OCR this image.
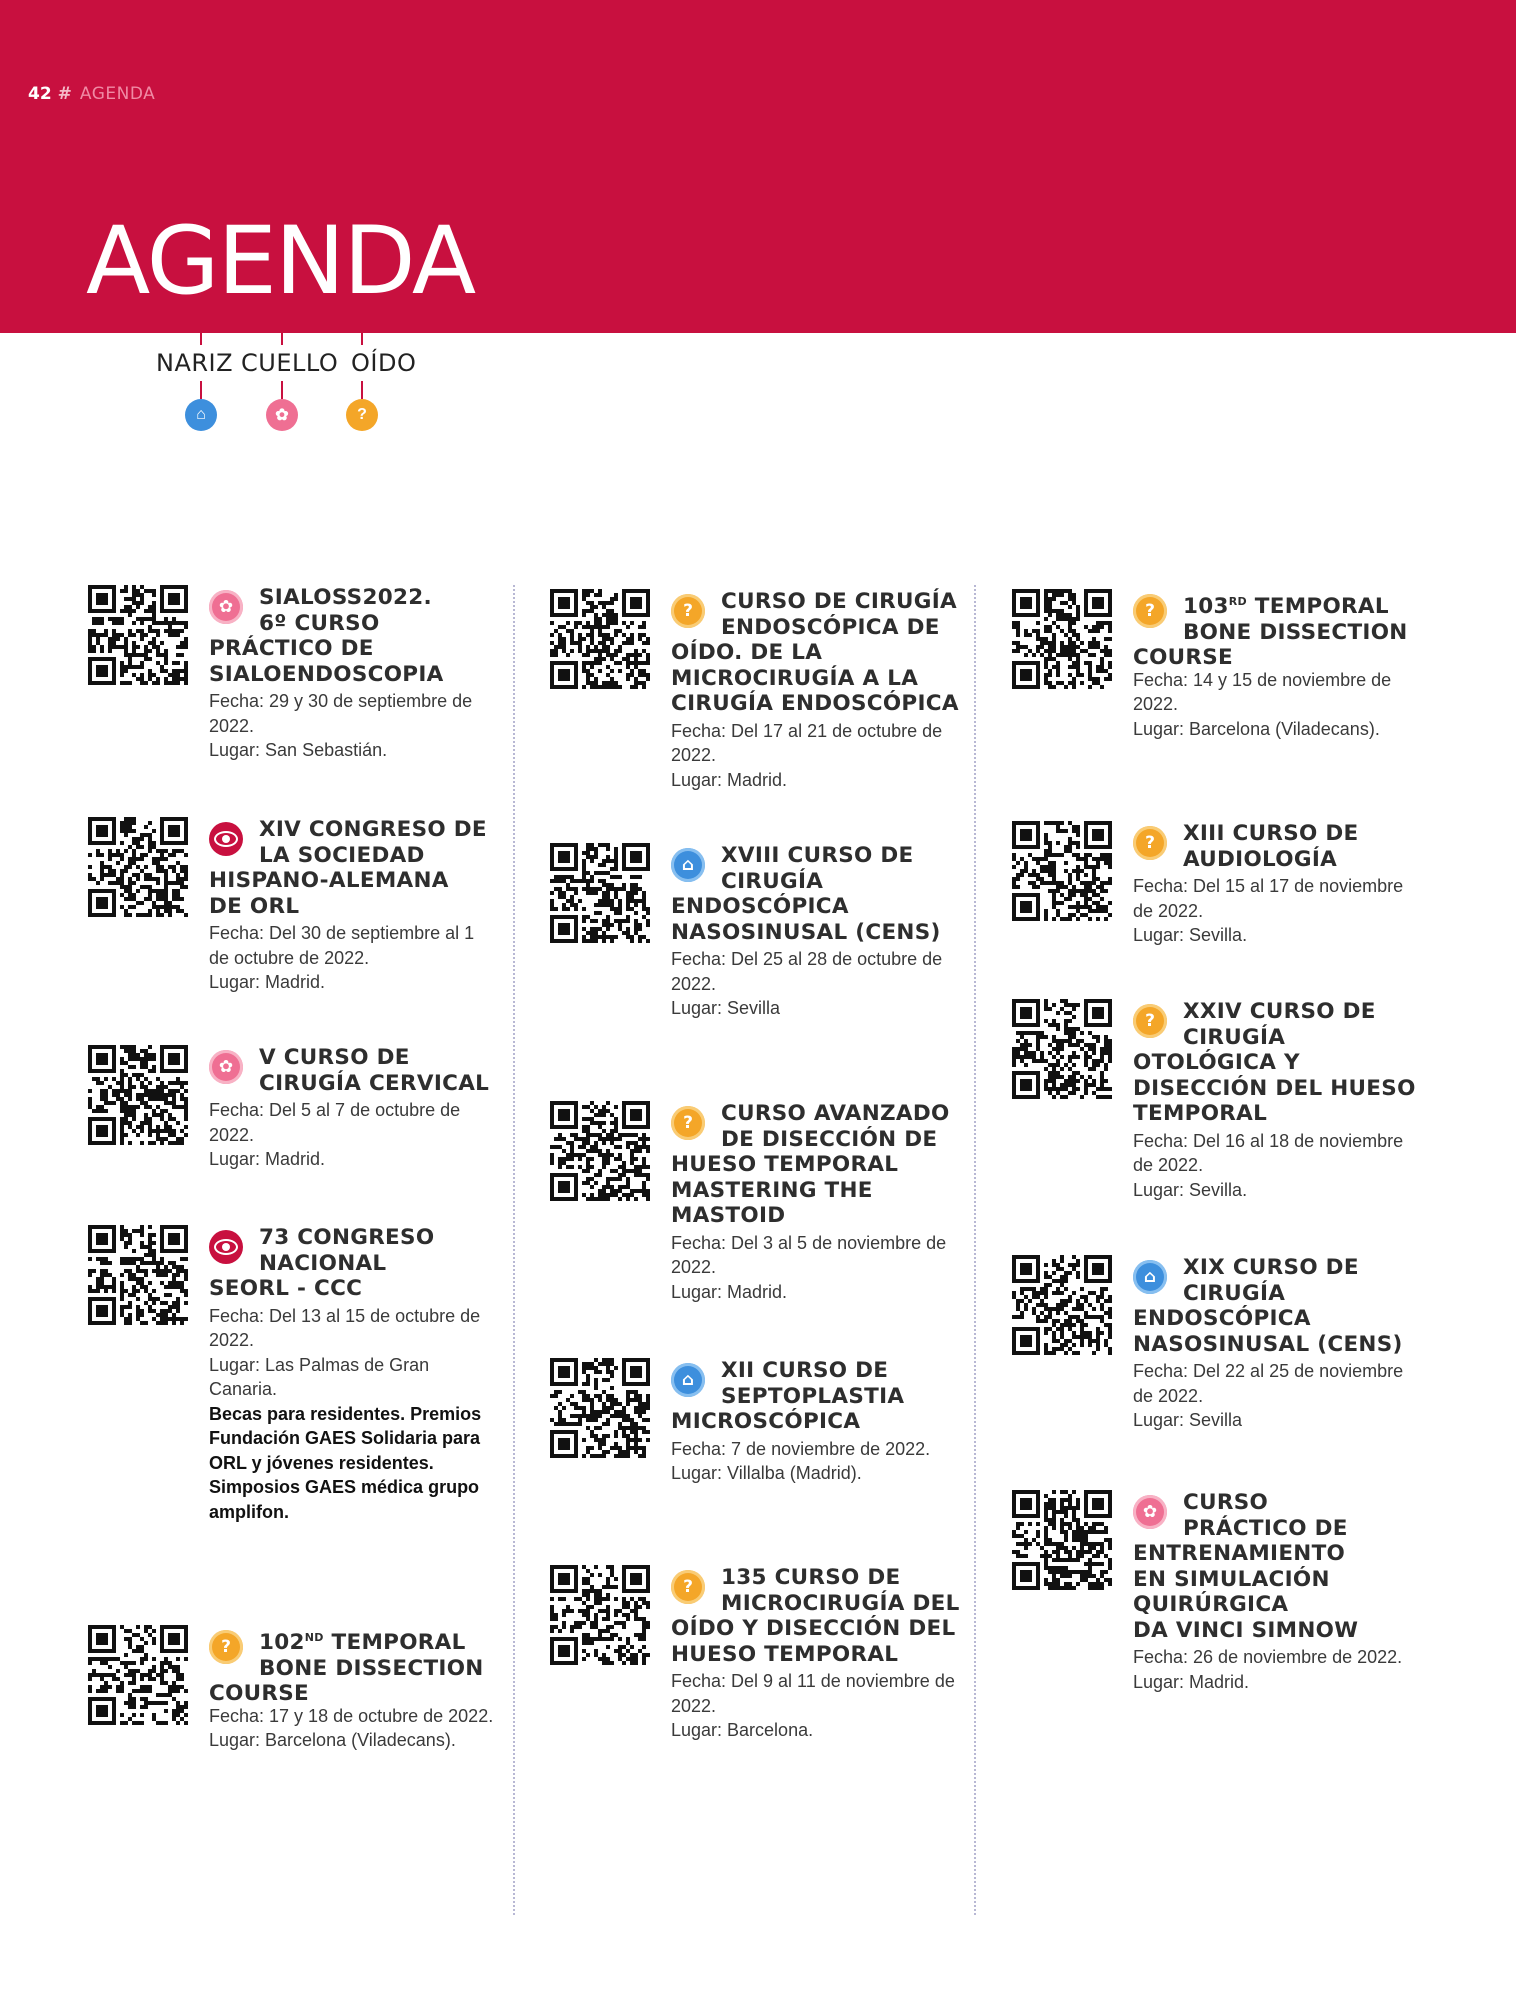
42 # AGENDA
AGENDA
NARIZ
⌂
CUELLO
✿
OÍDO
?
✿	SIALOSS2022.
6º CURSO
PRÁCTICO DE
SIALOENDOSCOPIA
Fecha: 29 y 30 de septiembre de 2022.
Lugar: San Sebastián.
XIV CONGRESO DE
LA SOCIEDAD
HISPANO-ALEMANA
DE ORL
Fecha: Del 30 de septiembre al 1 de octubre de 2022.
Lugar: Madrid.
✿	V CURSO DE
CIRUGÍA CERVICAL
Fecha: Del 5 al 7 de octubre de 2022.
Lugar: Madrid.
73 CONGRESO
NACIONAL
SEORL - CCC
Fecha: Del 13 al 15 de octubre de 2022.
Lugar: Las Palmas de Gran Canaria.
Becas para residentes. Premios Fundación GAES Solidaria para ORL y jóvenes residentes. Simposios GAES médica grupo amplifon.
?	102ND TEMPORAL
BONE DISSECTION
COURSE
Fecha: 17 y 18 de octubre de 2022.
Lugar: Barcelona (Viladecans).
?	CURSO DE CIRUGÍA
ENDOSCÓPICA DE
OÍDO. DE LA
MICROCIRUGÍA A LA
CIRUGÍA ENDOSCÓPICA
Fecha: Del 17 al 21 de octubre de 2022.
Lugar: Madrid.
⌂	XVIII CURSO DE
CIRUGÍA
ENDOSCÓPICA
NASOSINUSAL (CENS)
Fecha: Del 25 al 28 de octubre de 2022.
Lugar: Sevilla
?	CURSO AVANZADO
DE DISECCIÓN DE
HUESO TEMPORAL
MASTERING THE
MASTOID
Fecha: Del 3 al 5 de noviembre de 2022.
Lugar: Madrid.
⌂	XII CURSO DE
SEPTOPLASTIA
MICROSCÓPICA
Fecha: 7 de noviembre de 2022.
Lugar: Villalba (Madrid).
?	135 CURSO DE
MICROCIRUGÍA DEL
OÍDO Y DISECCIÓN DEL
HUESO TEMPORAL
Fecha: Del 9 al 11 de noviembre de 2022.
Lugar: Barcelona.
?	103RD TEMPORAL
BONE DISSECTION
COURSE
Fecha: 14 y 15 de noviembre de 2022.
Lugar: Barcelona (Viladecans).
?	XIII CURSO DE
AUDIOLOGÍA
Fecha: Del 15 al 17 de noviembre de 2022.
Lugar: Sevilla.
?	XXIV CURSO DE
CIRUGÍA
OTOLÓGICA Y
DISECCIÓN DEL HUESO
TEMPORAL
Fecha: Del 16 al 18 de noviembre de 2022.
Lugar: Sevilla.
⌂	XIX CURSO DE
CIRUGÍA
ENDOSCÓPICA
NASOSINUSAL (CENS)
Fecha: Del 22 al 25 de noviembre de 2022.
Lugar: Sevilla
✿	CURSO
PRÁCTICO DE
ENTRENAMIENTO
EN SIMULACIÓN
QUIRÚRGICA
DA VINCI SIMNOW
Fecha: 26 de noviembre de 2022.
Lugar: Madrid.
